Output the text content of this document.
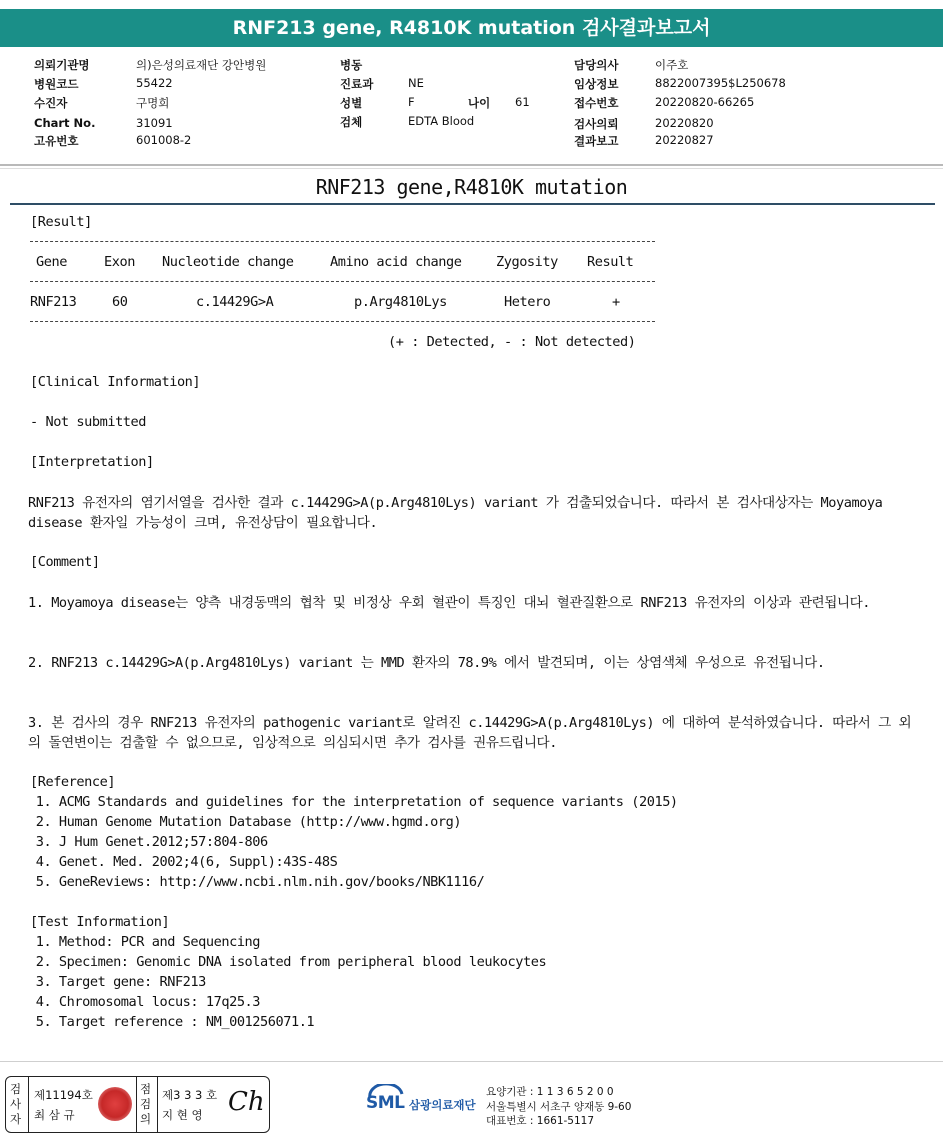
RNF213 gene, R4810K mutation 검사결과보고서
의뢰기관명	의)은성의료재단 강안병원
병원코드	55422
수진자	구명희
Chart No.	31091
고유번호	601008-2
병동
진료과	NE
성별	F	나이 61
검체	EDTA Blood
담당의사	이주호
임상정보	8822007395$L250678
접수번호	20220820-66265
검사의뢰	20220820
결과보고	20220827
RNF213 gene,R4810K mutation
[Result]
Gene	Exon Nucleotide change	Amino acid change	Zygosity Result
RNF213	60	c.14429G>A	p.Arg4810Lys	Hetero	+
(+ : Detected, - : Not detected)
[Clinical Information]
- Not submitted
[Interpretation]
RNF213 유전자의 염기서열을 검사한 결과 c.14429G>A(p.Arg4810Lys) variant 가 검출되었습니다. 따라서 본 검사대상자는 Moyamoya disease 환자일 가능성이 크며, 유전상담이 필요합니다.
[Comment]
1. Moyamoya disease는 양측 내경동맥의 협착 및 비정상 우회 혈관이 특징인 대뇌 혈관질환으로 RNF213 유전자의 이상과 관련됩니다.
2. RNF213 c.14429G>A(p.Arg4810Lys) variant 는 MMD 환자의 78.9% 에서 발견되며, 이는 상염색체 우성으로 유전됩니다.
3. 본 검사의 경우 RNF213 유전자의 pathogenic variant로 알려진 c.14429G>A(p.Arg4810Lys) 에 대하여 분석하였습니다. 따라서 그 외의 돌연변이는 검출할 수 없으므로, 임상적으로 의심되시면 추가 검사를 권유드립니다.
[Reference]
1. ACMG Standards and guidelines for the interpretation of sequence variants (2015)
2. Human Genome Mutation Database (http://www.hgmd.org)
3. J Hum Genet.2012;57:804-806
4. Genet. Med. 2002;4(6, Suppl):43S-48S
5. GeneReviews: http://www.ncbi.nlm.nih.gov/books/NBK1116/
[Test Information]
1. Method: PCR and Sequencing
2. Specimen: Genomic DNA isolated from peripheral blood leukocytes
3. Target gene: RNF213
4. Chromosomal locus: 17q25.3
5. Target reference : NM_001256071.1
검
사
자
제11194호
최 삼 규
점
검
의
제3 3 3 호
지 현 영 Ch	SML 삼광의료재단
요양기관 : 1 1 3 6 5 2 0 0
서울특별시 서초구 양재동 9-60
대표번호 : 1661-5117
